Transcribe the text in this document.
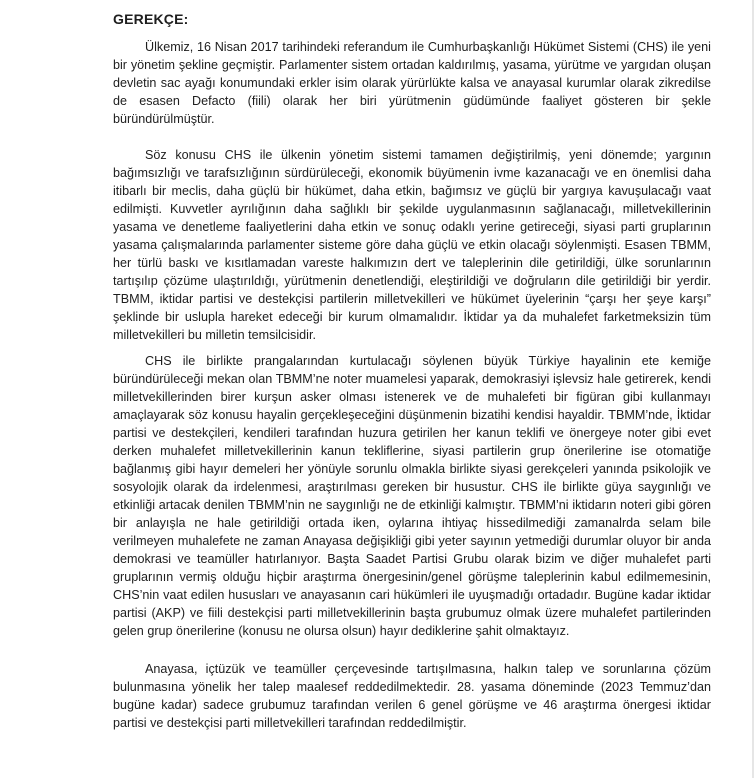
GEREKÇE:

Ülkemiz, 16 Nisan 2017 tarihindeki referandum ile Cumhurbaşkanlığı Hükümet Sistemi (CHS) ile yeni bir yönetim şekline geçmiştir. Parlamenter sistem ortadan kaldırılmış, yasama, yürütme ve yargıdan oluşan devletin sac ayağı konumundaki erkler isim olarak yürürlükte kalsa ve anayasal kurumlar olarak zikredilse de esasen Defacto (fiili) olarak her biri yürütmenin güdümünde faaliyet gösteren bir şekle büründürülmüştür.

Söz konusu CHS ile ülkenin yönetim sistemi tamamen değiştirilmiş, yeni dönemde; yargının bağımsızlığı ve tarafsızlığının sürdürüleceği, ekonomik büyümenin ivme kazanacağı ve en önemlisi daha itibarlı bir meclis, daha güçlü bir hükümet, daha etkin, bağımsız ve güçlü bir yargıya kavuşulacağı vaat edilmişti. Kuvvetler ayrılığının daha sağlıklı bir şekilde uygulanmasının sağlanacağı, milletvekillerinin yasama ve denetleme faaliyetlerini daha etkin ve sonuç odaklı yerine getireceği, siyasi parti gruplarının yasama çalışmalarında parlamenter sisteme göre daha güçlü ve etkin olacağı söylenmişti. Esasen TBMM, her türlü baskı ve kısıtlamadan vareste halkımızın dert ve taleplerinin dile getirildiği, ülke sorunlarının tartışılıp çözüme ulaştırıldığı, yürütmenin denetlendiği, eleştirildiği ve doğruların dile getirildiği bir yerdir. TBMM, iktidar partisi ve destekçisi partilerin milletvekilleri ve hükümet üyelerinin “çarşı her şeye karşı” şeklinde bir uslupla hareket edeceği bir kurum olmamalıdır. İktidar ya da muhalefet farketmeksizin tüm milletvekilleri bu milletin temsilcisidir.

CHS ile birlikte prangalarından kurtulacağı söylenen büyük Türkiye hayalinin ete kemiğe büründürüleceği mekan olan TBMM’ne noter muamelesi yaparak, demokrasiyi işlevsiz hale getirerek, kendi milletvekillerinden birer kurşun asker olması istenerek ve de muhalefeti bir figüran gibi kullanmayı amaçlayarak söz konusu hayalin gerçekleşeceğini düşünmenin bizatihi kendisi hayaldir. TBMM’nde, İktidar partisi ve destekçileri, kendileri tarafından huzura getirilen her kanun teklifi ve önergeye noter gibi evet derken muhalefet milletvekillerinin kanun tekliflerine, siyasi partilerin grup önerilerine ise otomatiğe bağlanmış gibi hayır demeleri her yönüyle sorunlu olmakla birlikte siyasi gerekçeleri yanında psikolojik ve sosyolojik olarak da irdelenmesi, araştırılması gereken bir husustur. CHS ile birlikte güya saygınlığı ve etkinliği artacak denilen TBMM’nin ne saygınlığı ne de etkinliği kalmıştır. TBMM’ni iktidarın noteri gibi gören bir anlayışla ne hale getirildiği ortada iken, oylarına ihtiyaç hissedilmediği zamanalrda selam bile verilmeyen muhalefete ne zaman Anayasa değişikliği gibi yeter sayının yetmediği durumlar oluyor bir anda demokrasi ve teamüller hatırlanıyor. Başta Saadet Partisi Grubu olarak bizim ve diğer muhalefet parti gruplarının vermiş olduğu hiçbir araştırma önergesinin/genel görüşme taleplerinin kabul edilmemesinin, CHS’nin vaat edilen hususları ve anayasanın cari hükümleri ile uyuşmadığı ortadadır. Bugüne kadar iktidar partisi (AKP) ve fiili destekçisi parti milletvekillerinin başta grubumuz olmak üzere muhalefet partilerinden gelen grup önerilerine (konusu ne olursa olsun) hayır dediklerine şahit olmaktayız.

Anayasa, içtüzük ve teamüller çerçevesinde tartışılmasına, halkın talep ve sorunlarına çözüm bulunmasına yönelik her talep maalesef reddedilmektedir. 28. yasama döneminde (2023 Temmuz’dan bugüne kadar) sadece grubumuz tarafından verilen 6 genel görüşme ve 46 araştırma önergesi iktidar partisi ve destekçisi parti milletvekilleri tarafından reddedilmiştir.
